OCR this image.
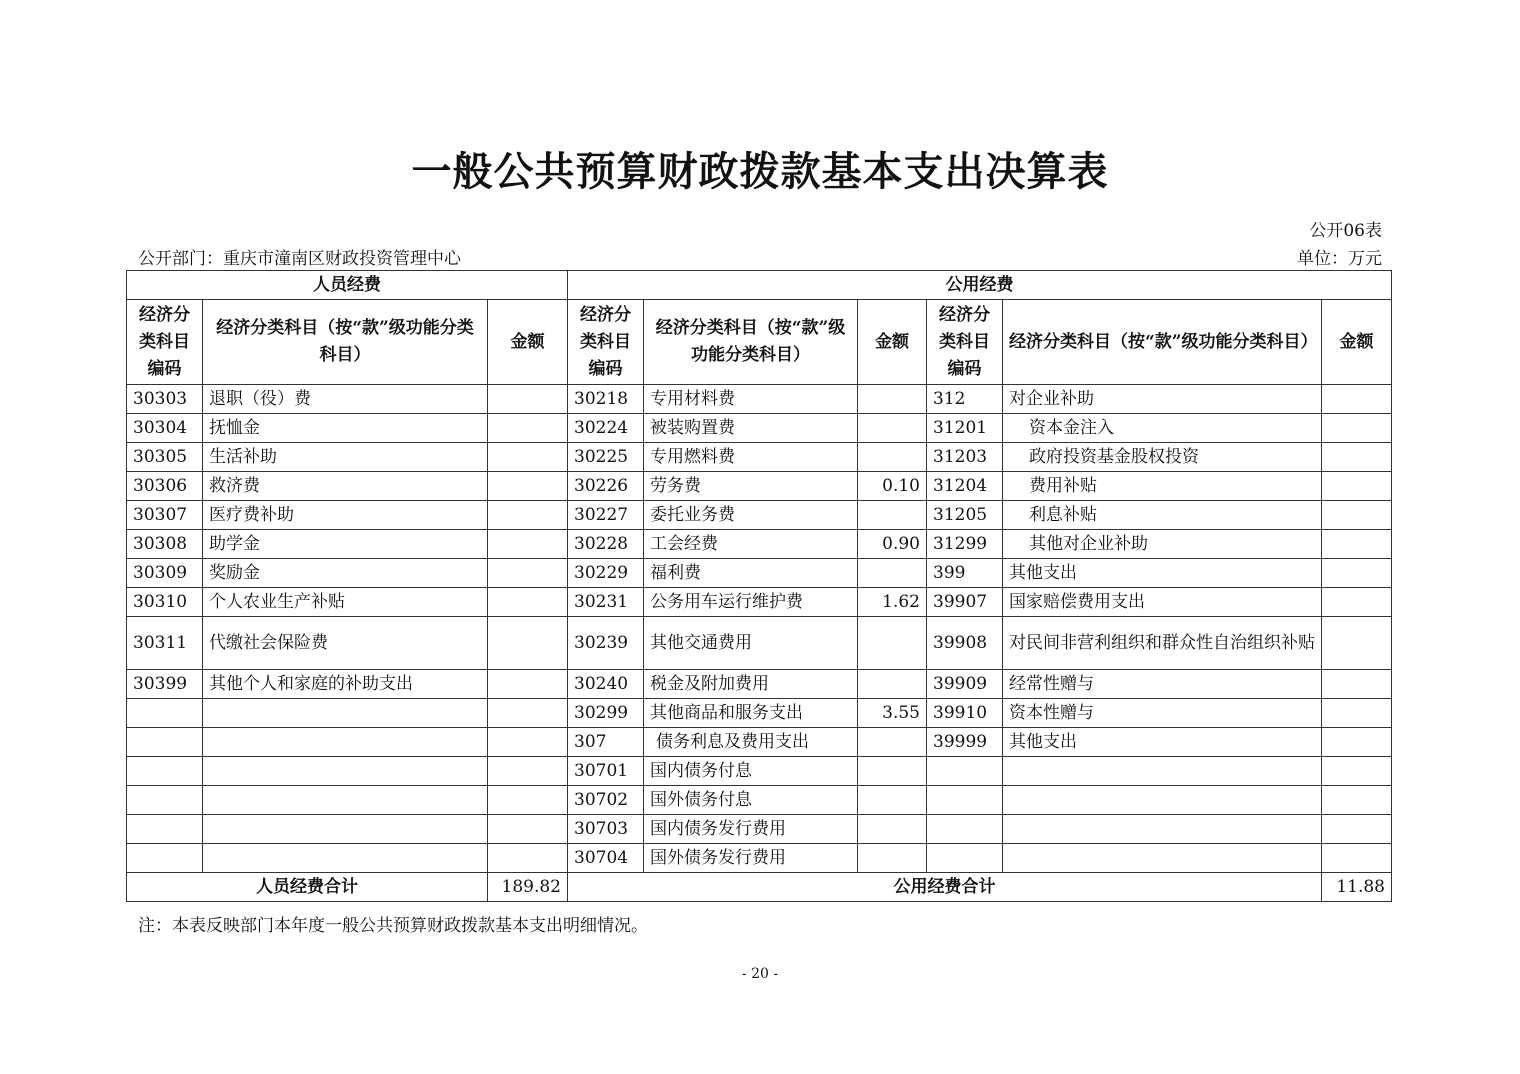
一般公共预算财政拨款基本支出决算表
公开06表
公开部门：重庆市潼南区财政投资管理中心	单位：万元
人员经费			公用经费					
经济分类科目编码	经济分类科目（按“款”级功能分类科目）	金额	经济分类科目编码	经济分类科目（按“款”级功能分类科目）	金额	经济分类科目编码	经济分类科目（按“款”级功能分类科目）	金额
30303	退职（役）费		30218	专用材料费		312	对企业补助	
30304	抚恤金		30224	被装购置费		31201	资本金注入	
30305	生活补助		30225	专用燃料费		31203	政府投资基金股权投资	
30306	救济费		30226	劳务费	0.10	31204	费用补贴	
30307	医疗费补助		30227	委托业务费		31205	利息补贴	
30308	助学金		30228	工会经费	0.90	31299	其他对企业补助	
30309	奖励金		30229	福利费		399	其他支出	
30310	个人农业生产补贴		30231	公务用车运行维护费	1.62	39907	国家赔偿费用支出	
30311	代缴社会保险费		30239	其他交通费用		39908	对民间非营利组织和群众性自治组织补贴	
30399	其他个人和家庭的补助支出		30240	税金及附加费用		39909	经常性赠与	
			30299	其他商品和服务支出	3.55	39910	资本性赠与	
			307	债务利息及费用支出		39999	其他支出	
			30701	国内债务付息				
			30702	国外债务付息				
			30703	国内债务发行费用				
			30704	国外债务发行费用				
人员经费合计		189.82	公用经费合计					11.88
注：本表反映部门本年度一般公共预算财政拨款基本支出明细情况。
- 20 -
